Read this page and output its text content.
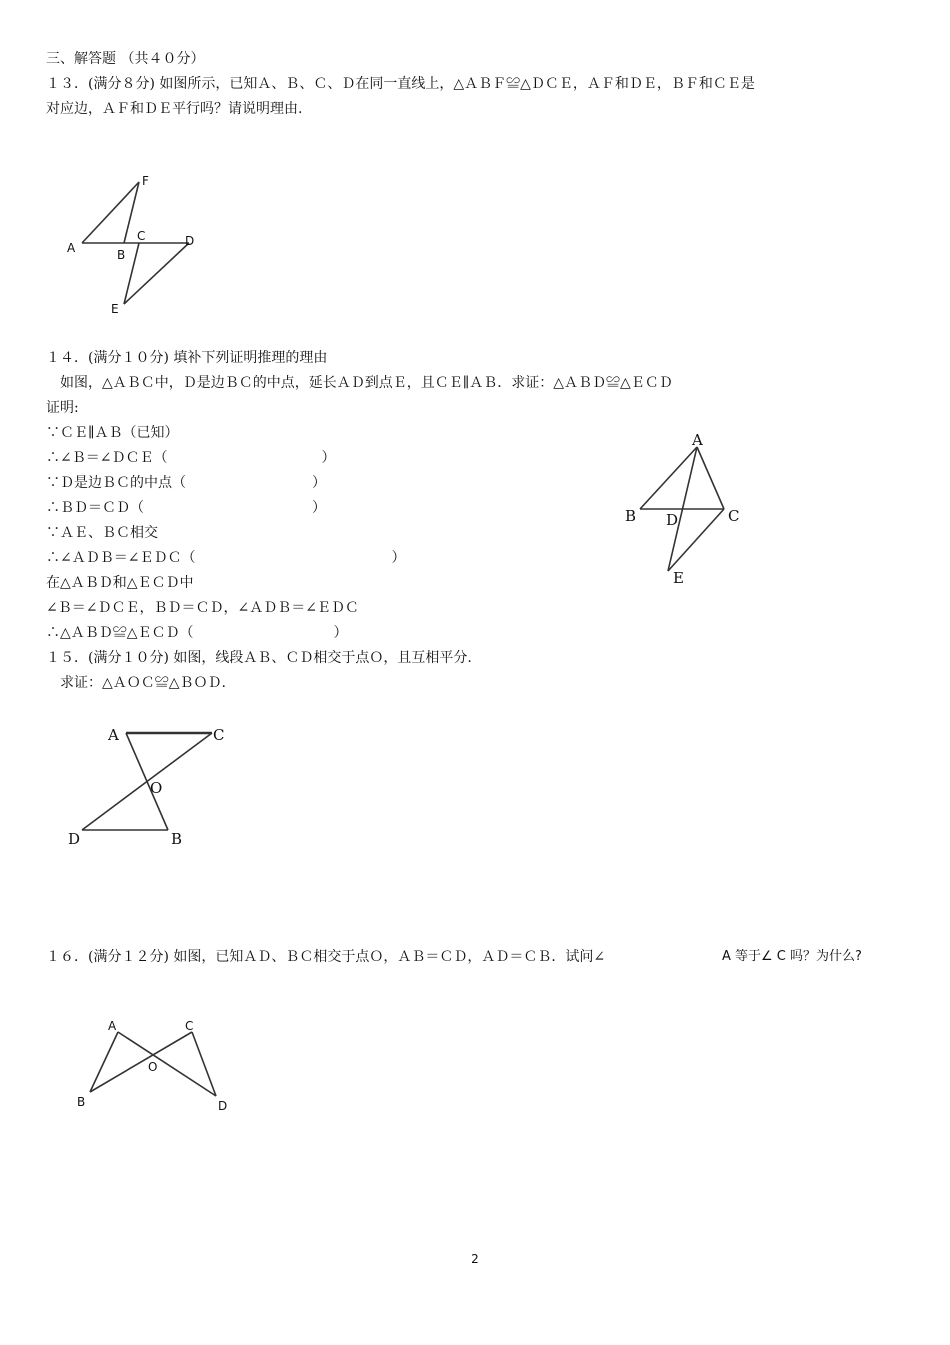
三、解答题 （共４０分）
１３．(满分８分) 如图所示，已知Ａ、Ｂ、Ｃ、Ｄ在同一直线上，△ＡＢＦ≌△ＤＣＥ，ＡＦ和ＤＥ，ＢＦ和ＣＥ是
对应边，ＡＦ和ＤＥ平行吗？请说明理由.
F
A
C	D
B
E
１４．(满分１０分) 填补下列证明推理的理由
如图，△ＡＢＣ中，Ｄ是边ＢＣ的中点，延长ＡＤ到点Ｅ，且ＣＥ∥ＡＢ．求证：△ＡＢＤ≌△ＥＣＤ
证明:
∵ＣＥ∥ＡＢ（已知）
∴∠Ｂ＝∠ＤＣＥ（　　　　　　　　　　　）
∵Ｄ是边ＢＣ的中点（　　　　　　　　　）
∴ＢＤ＝ＣＤ（　　　　　　　　　　　　）
∵ＡＥ、ＢＣ相交
∴∠ＡＤＢ＝∠ＥＤＣ（　　　　　　　　　　　　　　）
在△ＡＢＤ和△ＥＣＤ中
∠Ｂ＝∠ＤＣＥ，ＢＤ＝ＣＤ，∠ＡＤＢ＝∠ＥＤＣ
∴△ＡＢＤ≌△ＥＣＤ（　　　　　　　　　　）
A
B D	C
E
１５．(满分１０分) 如图，线段ＡＢ、ＣＤ相交于点Ｏ，且互相平分.
求证：△ＡＯＣ≌△ＢＯＤ.
A	C
O
D	B
１６．(满分１２分) 如图，已知ＡＤ、ＢＣ相交于点Ｏ，ＡＢ＝ＣＤ，ＡＤ＝ＣＢ．试问∠	A 等于∠ C 吗？为什么?
A	C
O
B	D
2
